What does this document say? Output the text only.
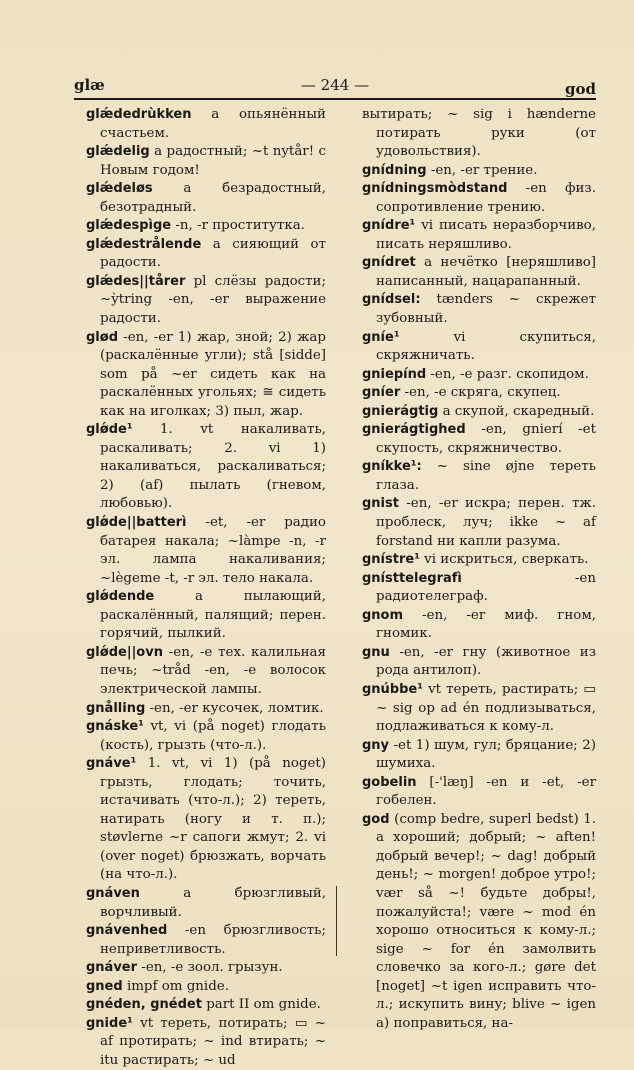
glæ	— 244 —	god

glǽdedrùkken a опьянённый счастьем.

glǽdelig a радостный; ~t nytår! с Новым годом!

glǽdeløs a безрадостный, безотрадный.

glǽdespìge -n, -r проститутка.

glǽdestrålende a сияющий от радости.

glǽdes||tårer pl слёзы радости; ~ỳtring -en, -er выражение радости.

glød -en, -er 1) жар, зной; 2) жар (раскалённые угли); stå [sidde] som på ~er сидеть как на раскалённых угольях; ≅ сидеть как на иголках; 3) пыл, жар.

glǿde¹ 1. vt накаливать, раскаливать; 2. vi 1) накаливаться, раскаливаться; 2) (af) пылать (гневом, любовью).

glǿde||batterì -et, -er радио батарея накала; ~làmpe -n, -r эл. лампа накаливания; ~lègeme -t, -r эл. тело накала.

glǿdende a пылающий, раскалённый, палящий; перен. горячий, пылкий.

glǿde||ovn -en, -e тех. калильная печь; ~tråd -en, -e волосок электрической лампы.

gnålling -en, -er кусочек, ломтик.

gnáske¹ vt, vi (på noget) глодать (кость), грызть (что-л.).

gnáve¹ 1. vt, vi 1) (på noget) грызть, глодать; точить, истачивать (что-л.); 2) тереть, натирать (ногу и т. п.); støvlerne ~r сапоги жмут; 2. vi (over noget) брюзжать, ворчать (на что-л.).

gnáven a брюзгливый, ворчливый.

gnávenhed -en брюзгливость; неприветливость.

gnáver -en, -e зоол. грызун.

gned impf om gnide.

gnéden, gnédet part II om gnide.

gnide¹ vt тереть, потирать; ▭ ~ af протирать; ~ ind втирать; ~ itu растирать; ~ ud

вытирать; ~ sig i hænderne потирать руки (от удовольствия).

gnídning -en, -er трение.

gnídningsmòdstand -en физ. сопротивление трению.

gnídre¹ vi писать неразборчиво, писать неряшливо.

gnídret a нечётко [неряшливо] написанный, нацарапанный.

gnídsel: tænders ~ скрежет зубовный.

gníe¹ vi скупиться, скряжничать.

gniepínd -en, -e разг. скопидом.

gníer -en, -e скряга, скупец.

gnierágtig a скупой, скаредный.

gnierágtighed -en, gnierí -et скупость, скряжничество.

gníkke¹: ~ sine øjne тереть глаза.

gnist -en, -er искра; перен. тж. проблеск, луч; ikke ~ af forstand ни капли разума.

gnístre¹ vi искриться, сверкать.

gnísttelegrafì -en радиотелеграф.

gnom -en, -er миф. гном, гномик.

gnu -en, -er гну (животное из рода антилоп).

gnúbbe¹ vt тереть, растирать; ▭ ~ sig op ad én подлизываться, подлаживаться к кому-л.

gny -et 1) шум, гул; бряцание; 2) шумиха.

gobelin [-'læŋ] -en и -et, -er гобелен.

god (comp bedre, superl bedst) 1. a хороший; добрый; ~ aften! добрый вечер!; ~ dag! добрый день!; ~ morgen! доброе утро!; vær så ~! будьте добры!, пожалуйста!; være ~ mod én хорошо относиться к кому-л.; sige ~ for én замолвить словечко за кого-л.; gøre det [noget] ~t igen исправить что-л.; искупить вину; blive ~ igen a) поправиться, на-
